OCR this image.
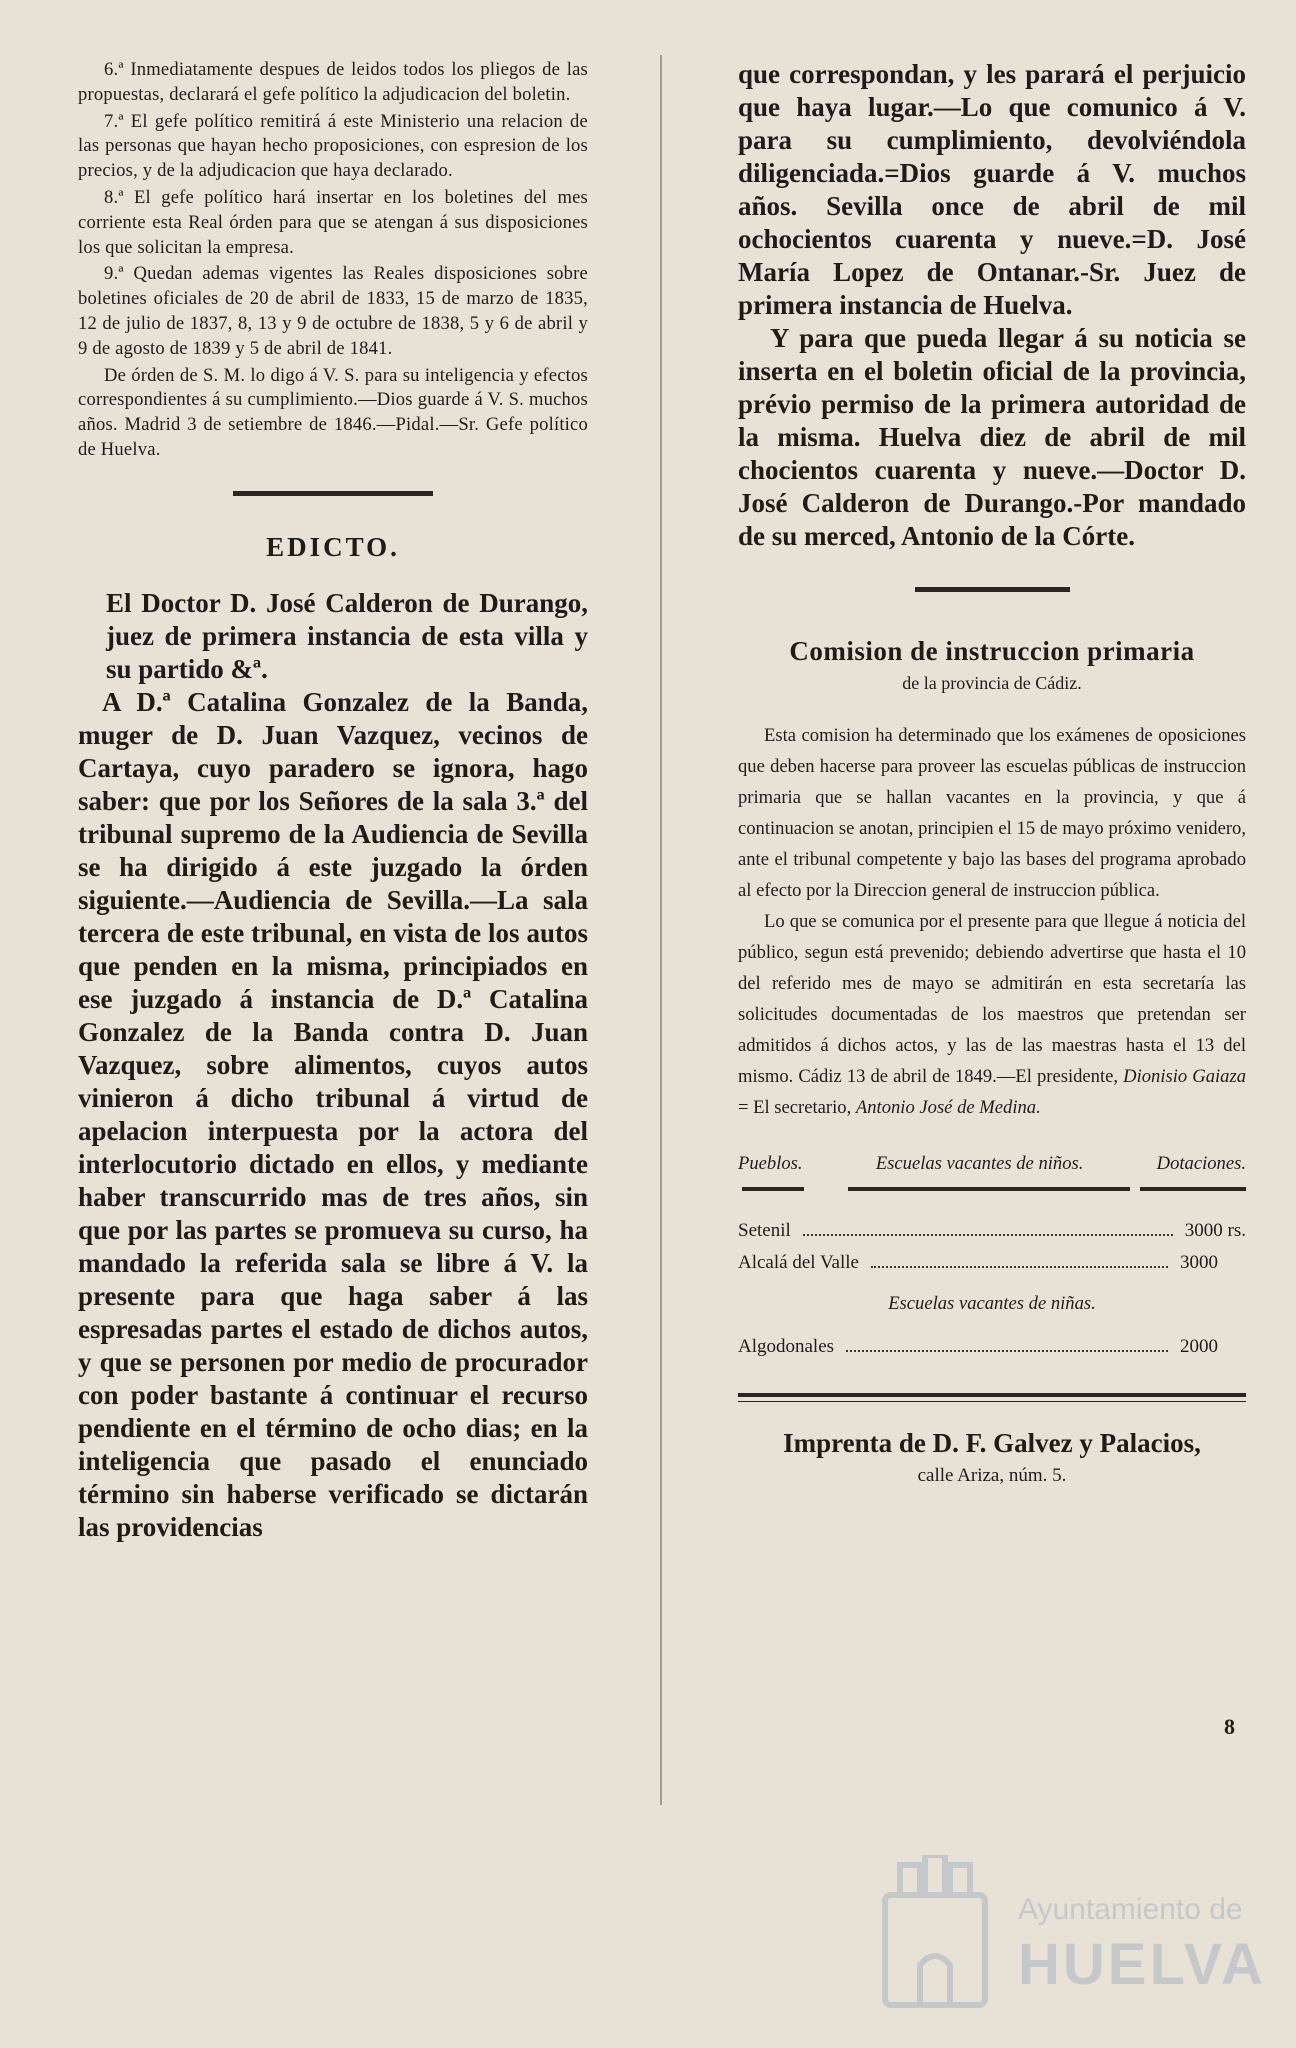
6.ª Inmediatamente despues de leidos todos los pliegos de las propuestas, declarará el gefe político la adjudicacion del boletin.

7.ª El gefe político remitirá á este Ministerio una relacion de las personas que hayan hecho proposiciones, con espresion de los precios, y de la adjudicacion que haya declarado.

8.ª El gefe político hará insertar en los boletines del mes corriente esta Real órden para que se atengan á sus disposiciones los que solicitan la empresa.

9.ª Quedan ademas vigentes las Reales disposiciones sobre boletines oficiales de 20 de abril de 1833, 15 de marzo de 1835, 12 de julio de 1837, 8, 13 y 9 de octubre de 1838, 5 y 6 de abril y 9 de agosto de 1839 y 5 de abril de 1841.

De órden de S. M. lo digo á V. S. para su inteligencia y efectos correspondientes á su cumplimiento.—Dios guarde á V. S. muchos años. Madrid 3 de setiembre de 1846.—Pidal.—Sr. Gefe político de Huelva.

EDICTO.

El Doctor D. José Calderon de Durango, juez de primera instancia de esta villa y su partido &ª.
A D.ª Catalina Gonzalez de la Banda, muger de D. Juan Vazquez, vecinos de Cartaya, cuyo paradero se ignora, hago saber: que por los Señores de la sala 3.ª del tribunal supremo de la Audiencia de Sevilla se ha dirigido á este juzgado la órden siguiente.—Audiencia de Sevilla.—La sala tercera de este tribunal, en vista de los autos que penden en la misma, principiados en ese juzgado á instancia de D.ª Catalina Gonzalez de la Banda contra D. Juan Vazquez, sobre alimentos, cuyos autos vinieron á dicho tribunal á virtud de apelacion interpuesta por la actora del interlocutorio dictado en ellos, y mediante haber transcurrido mas de tres años, sin que por las partes se promueva su curso, ha mandado la referida sala se libre á V. la presente para que haga saber á las espresadas partes el estado de dichos autos, y que se personen por medio de procurador con poder bastante á continuar el recurso pendiente en el término de ocho dias; en la inteligencia que pasado el enunciado término sin haberse verificado se dictarán las providencias

que correspondan, y les parará el perjuicio que haya lugar.—Lo que comunico á V. para su cumplimiento, devolviéndola diligenciada.=Dios guarde á V. muchos años. Sevilla once de abril de mil ochocientos cuarenta y nueve.=D. José María Lopez de Ontanar.-Sr. Juez de primera instancia de Huelva.

Y para que pueda llegar á su noticia se inserta en el boletin oficial de la provincia, prévio permiso de la primera autoridad de la misma. Huelva diez de abril de mil chocientos cuarenta y nueve.—Doctor D. José Calderon de Durango.-Por mandado de su merced, Antonio de la Córte.

Comision de instruccion primaria
de la provincia de Cádiz.

Esta comision ha determinado que los exámenes de oposiciones que deben hacerse para proveer las escuelas públicas de instruccion primaria que se hallan vacantes en la provincia, y que á continuacion se anotan, principien el 15 de mayo próximo venidero, ante el tribunal competente y bajo las bases del programa aprobado al efecto por la Direccion general de instruccion pública.

Lo que se comunica por el presente para que llegue á noticia del público, segun está prevenido; debiendo advertirse que hasta el 10 del referido mes de mayo se admitirán en esta secretaría las solicitudes documentadas de los maestros que pretendan ser admitidos á dichos actos, y las de las maestras hasta el 13 del mismo. Cádiz 13 de abril de 1849.—El presidente, Dionisio Gaiaza = El secretario, Antonio José de Medina.

Pueblos.	Escuelas vacantes de niños.	Dotaciones.
Setenil	3000 rs.
Alcalá del Valle	3000
Escuelas vacantes de niñas.
Algodonales	2000
Imprenta de D. F. Galvez y Palacios,
calle Ariza, núm. 5.
8
Ayuntamiento de
HUELVA
